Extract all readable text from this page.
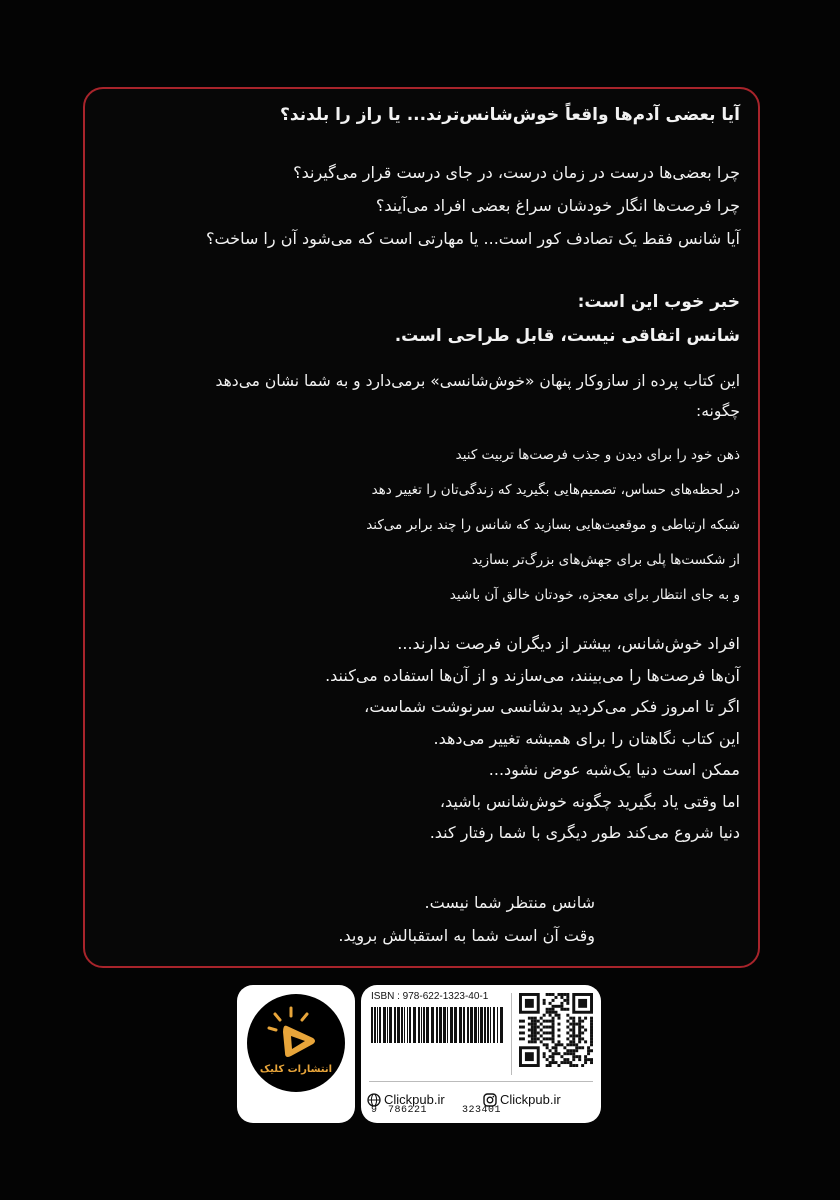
آیا بعضی آدم‌ها واقعاً خوش‌شانس‌ترند... یا راز را بلدند؟
چرا بعضی‌ها درست در زمان درست، در جای درست قرار می‌گیرند؟
چرا فرصت‌ها انگار خودشان سراغ بعضی افراد می‌آیند؟
آیا شانس فقط یک تصادف کور است... یا مهارتی است که می‌شود آن را ساخت؟
خبر خوب این است:
شانس اتفاقی نیست، قابل طراحی است.
این کتاب پرده از سازوکار پنهان «خوش‌شانسی» برمی‌دارد و به شما نشان می‌دهد
چگونه:
ذهن خود را برای دیدن و جذب فرصت‌ها تربیت کنید
در لحظه‌های حساس، تصمیم‌هایی بگیرید که زندگی‌تان را تغییر دهد
شبکه ارتباطی و موقعیت‌هایی بسازید که شانس را چند برابر می‌کند
از شکست‌ها پلی برای جهش‌های بزرگ‌تر بسازید
و به جای انتظار برای معجزه، خودتان خالق آن باشید
افراد خوش‌شانس، بیشتر از دیگران فرصت ندارند...
آن‌ها فرصت‌ها را می‌بینند، می‌سازند و از آن‌ها استفاده می‌کنند.
اگر تا امروز فکر می‌کردید بدشانسی سرنوشت شماست،
این کتاب نگاهتان را برای همیشه تغییر می‌دهد.
ممکن است دنیا یک‌شبه عوض نشود...
اما وقتی یاد بگیرید چگونه خوش‌شانس باشید،
دنیا شروع می‌کند طور دیگری با شما رفتار کند.
شانس منتظر شما نیست.
وقت آن است شما به استقبالش بروید.
انتشارات کلیک
ISBN : 978-622-1323-40-1
9 786221	323401
Clickpub.ir	Clickpub.ir
